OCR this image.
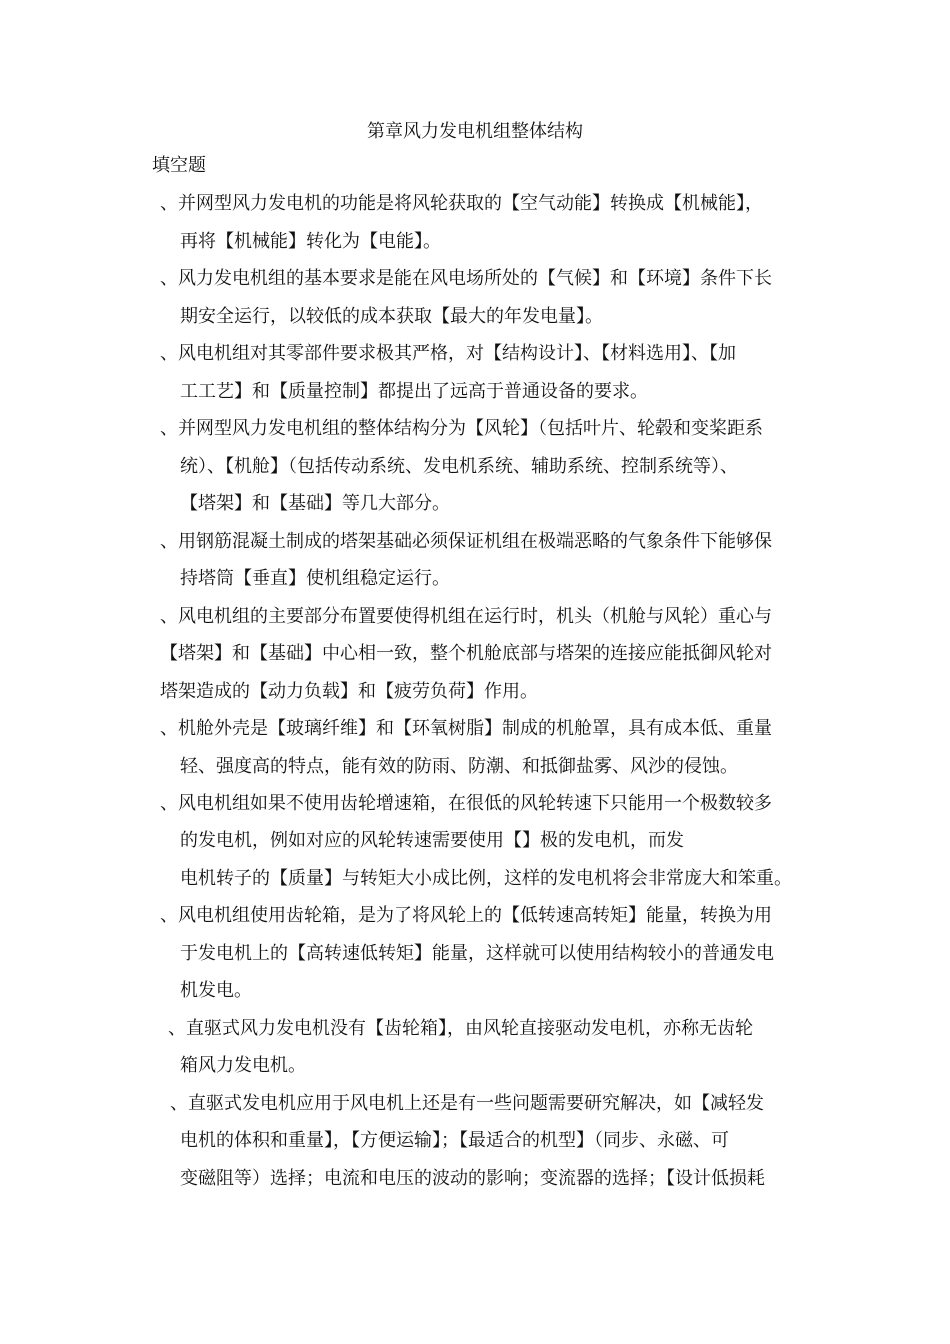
第章风力发电机组整体结构
填空题
、并网型风力发电机的功能是将风轮获取的【空气动能】转换成【机械能】，
再将【机械能】转化为【电能】。
、风力发电机组的基本要求是能在风电场所处的【气候】和【环境】条件下长
期安全运行，以较低的成本获取【最大的年发电量】。
、风电机组对其零部件要求极其严格，对【结构设计】、【材料选用】、【加
工工艺】和【质量控制】都提出了远高于普通设备的要求。
、并网型风力发电机组的整体结构分为【风轮】（包括叶片、轮毂和变桨距系
统）、【机舱】（包括传动系统、发电机系统、辅助系统、控制系统等）、
【塔架】和【基础】等几大部分。
、用钢筋混凝土制成的塔架基础必须保证机组在极端恶略的气象条件下能够保
持塔筒【垂直】使机组稳定运行。
、风电机组的主要部分布置要使得机组在运行时，机头（机舱与风轮）重心与
【塔架】和【基础】中心相一致，整个机舱底部与塔架的连接应能抵御风轮对
塔架造成的【动力负载】和【疲劳负荷】作用。
、机舱外壳是【玻璃纤维】和【环氧树脂】制成的机舱罩，具有成本低、重量
轻、强度高的特点，能有效的防雨、防潮、和抵御盐雾、风沙的侵蚀。
、风电机组如果不使用齿轮增速箱，在很低的风轮转速下只能用一个极数较多
的发电机，例如对应的风轮转速需要使用【】极的发电机，而发
电机转子的【质量】与转矩大小成比例，这样的发电机将会非常庞大和笨重。
、风电机组使用齿轮箱，是为了将风轮上的【低转速高转矩】能量，转换为用
于发电机上的【高转速低转矩】能量，这样就可以使用结构较小的普通发电
机发电。
、直驱式风力发电机没有【齿轮箱】，由风轮直接驱动发电机，亦称无齿轮
箱风力发电机。
、直驱式发电机应用于风电机上还是有一些问题需要研究解决，如【减轻发
电机的体积和重量】，【方便运输】；【最适合的机型】（同步、永磁、可
变磁阻等）选择；电流和电压的波动的影响；变流器的选择；【设计低损耗
